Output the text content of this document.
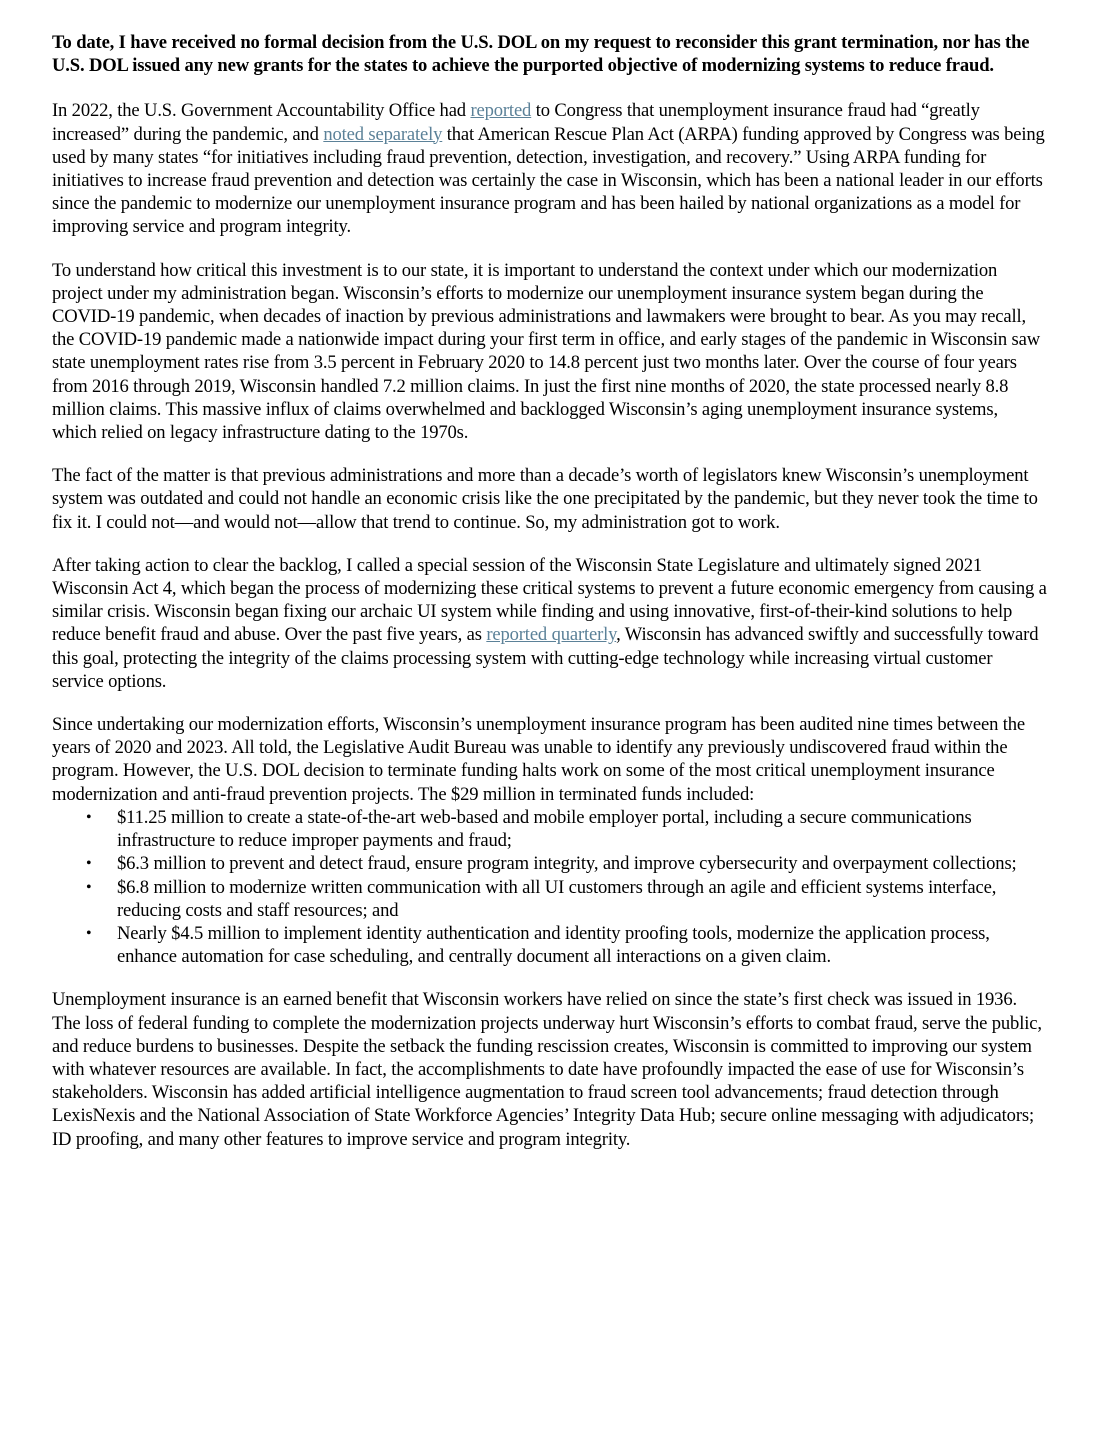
To date, I have received no formal decision from the U.S. DOL on my request to reconsider this grant termination, nor has the U.S. DOL issued any new grants for the states to achieve the purported objective of modernizing systems to reduce fraud.

In 2022, the U.S. Government Accountability Office had reported to Congress that unemployment insurance fraud had “greatly increased” during the pandemic, and noted separately that American Rescue Plan Act (ARPA) funding approved by Congress was being used by many states “for initiatives including fraud prevention, detection, investigation, and recovery.” Using ARPA funding for initiatives to increase fraud prevention and detection was certainly the case in Wisconsin, which has been a national leader in our efforts since the pandemic to modernize our unemployment insurance program and has been hailed by national organizations as a model for improving service and program integrity.

To understand how critical this investment is to our state, it is important to understand the context under which our modernization project under my administration began. Wisconsin’s efforts to modernize our unemployment insurance system began during the COVID-19 pandemic, when decades of inaction by previous administrations and lawmakers were brought to bear. As you may recall, the COVID-19 pandemic made a nationwide impact during your first term in office, and early stages of the pandemic in Wisconsin saw state unemployment rates rise from 3.5 percent in February 2020 to 14.8 percent just two months later. Over the course of four years from 2016 through 2019, Wisconsin handled 7.2 million claims. In just the first nine months of 2020, the state processed nearly 8.8 million claims. This massive influx of claims overwhelmed and backlogged Wisconsin’s aging unemployment insurance systems, which relied on legacy infrastructure dating to the 1970s.

The fact of the matter is that previous administrations and more than a decade’s worth of legislators knew Wisconsin’s unemployment system was outdated and could not handle an economic crisis like the one precipitated by the pandemic, but they never took the time to fix it. I could not—and would not—allow that trend to continue. So, my administration got to work.

After taking action to clear the backlog, I called a special session of the Wisconsin State Legislature and ultimately signed 2021 Wisconsin Act 4, which began the process of modernizing these critical systems to prevent a future economic emergency from causing a similar crisis. Wisconsin began fixing our archaic UI system while finding and using innovative, first-of-their-kind solutions to help reduce benefit fraud and abuse. Over the past five years, as reported quarterly, Wisconsin has advanced swiftly and successfully toward this goal, protecting the integrity of the claims processing system with cutting-edge technology while increasing virtual customer service options.

Since undertaking our modernization efforts, Wisconsin’s unemployment insurance program has been audited nine times between the years of 2020 and 2023. All told, the Legislative Audit Bureau was unable to identify any previously undiscovered fraud within the program. However, the U.S. DOL decision to terminate funding halts work on some of the most critical unemployment insurance modernization and anti-fraud prevention projects. The $29 million in terminated funds included:

• $11.25 million to create a state-of-the-art web-based and mobile employer portal, including a secure communications infrastructure to reduce improper payments and fraud;
• $6.3 million to prevent and detect fraud, ensure program integrity, and improve cybersecurity and overpayment collections;
• $6.8 million to modernize written communication with all UI customers through an agile and efficient systems interface, reducing costs and staff resources; and
• Nearly $4.5 million to implement identity authentication and identity proofing tools, modernize the application process, enhance automation for case scheduling, and centrally document all interactions on a given claim.

Unemployment insurance is an earned benefit that Wisconsin workers have relied on since the state’s first check was issued in 1936. The loss of federal funding to complete the modernization projects underway hurt Wisconsin’s efforts to combat fraud, serve the public, and reduce burdens to businesses. Despite the setback the funding rescission creates, Wisconsin is committed to improving our system with whatever resources are available. In fact, the accomplishments to date have profoundly impacted the ease of use for Wisconsin’s stakeholders. Wisconsin has added artificial intelligence augmentation to fraud screen tool advancements; fraud detection through LexisNexis and the National Association of State Workforce Agencies’ Integrity Data Hub; secure online messaging with adjudicators; ID proofing, and many other features to improve service and program integrity.
